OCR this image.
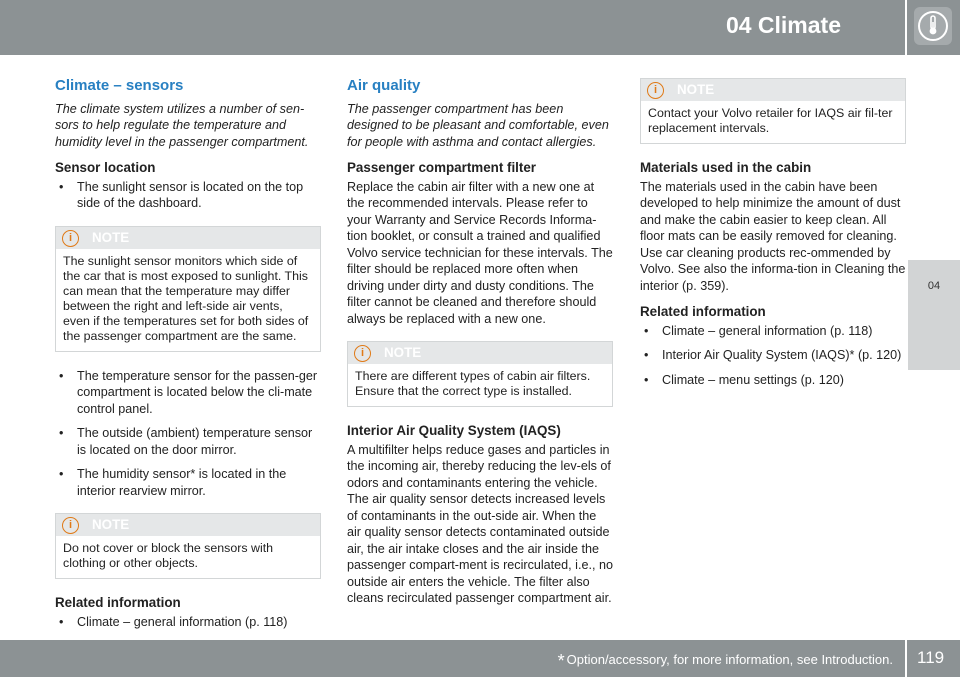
04 Climate
04
Climate – sensors
The climate system utilizes a number of sen-sors to help regulate the temperature and humidity level in the passenger compartment.
Sensor location
• The sunlight sensor is located on the top side of the dashboard.
i	NOTE
The sunlight sensor monitors which side of the car that is most exposed to sunlight. This can mean that the temperature may differ between the right and left-side air vents, even if the temperatures set for both sides of the passenger compartment are the same.
• The temperature sensor for the passen-ger compartment is located below the cli-mate control panel.
• The outside (ambient) temperature sensor is located on the door mirror.
• The humidity sensor* is located in the interior rearview mirror.
i	NOTE
Do not cover or block the sensors with clothing or other objects.
Related information
• Climate – general information (p. 118)
Air quality
The passenger compartment has been designed to be pleasant and comfortable, even for people with asthma and contact allergies.
Passenger compartment filter

Replace the cabin air filter with a new one at the recommended intervals. Please refer to your Warranty and Service Records Informa-tion booklet, or consult a trained and qualified Volvo service technician for these intervals. The filter should be replaced more often when driving under dirty and dusty conditions. The filter cannot be cleaned and therefore should always be replaced with a new one.

i	NOTE
There are different types of cabin air filters. Ensure that the correct type is installed.
Interior Air Quality System (IAQS)

A multifilter helps reduce gases and particles in the incoming air, thereby reducing the lev-els of odors and contaminants entering the vehicle. The air quality sensor detects increased levels of contaminants in the out-side air. When the air quality sensor detects contaminated outside air, the air intake closes and the air inside the passenger compart-ment is recirculated, i.e., no outside air enters the vehicle. The filter also cleans recirculated passenger compartment air.

i	NOTE
Contact your Volvo retailer for IAQS air fil-ter replacement intervals.
Materials used in the cabin

The materials used in the cabin have been developed to help minimize the amount of dust and make the cabin easier to keep clean. All floor mats can be easily removed for cleaning. Use car cleaning products rec-ommended by Volvo. See also the informa-tion in Cleaning the interior (p. 359).

Related information
• Climate – general information (p. 118)
• Interior Air Quality System (IAQS)* (p. 120)
• Climate – menu settings (p. 120)
* Option/accessory, for more information, see Introduction. 119
